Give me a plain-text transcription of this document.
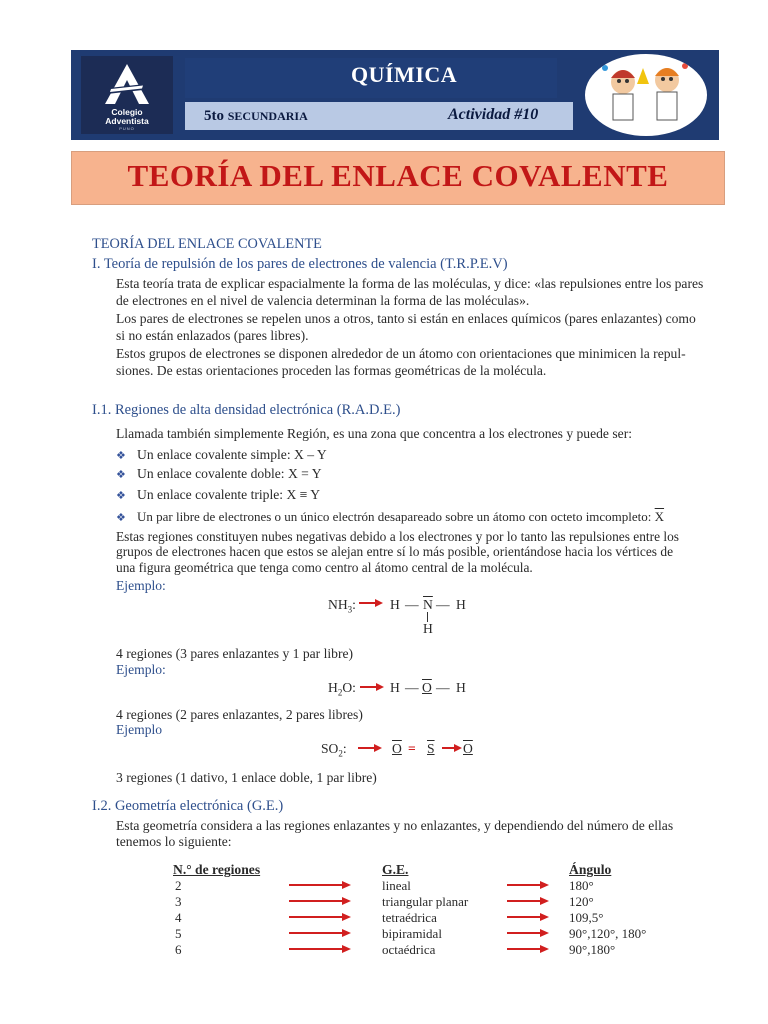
Colegio
Adventista
PUNO
QUÍMICA
5to SECUNDARIA	Actividad #10
TEORÍA DEL ENLACE COVALENTE
TEORÍA DEL ENLACE COVALENTE
I. Teoría de repulsión de los pares de electrones de valencia (T.R.P.E.V)
Esta teoría trata de explicar espacialmente la forma de las moléculas, y dice: «las repulsiones entre los pares
de electrones en el nivel de valencia determinan la forma de las moléculas».
Los pares de electrones se repelen unos a otros, tanto si están en enlaces químicos (pares enlazantes) como
si no están enlazados (pares libres).
Estos grupos de electrones se disponen alrededor de un átomo con orientaciones que minimicen la repul-
siones. De estas orientaciones proceden las formas geométricas de la molécula.
I.1. Regiones de alta densidad electrónica (R.A.D.E.)
Llamada también simplemente Región, es una zona que concentra a los electrones y puede ser:
❖ Un enlace covalente simple: X – Y
❖ Un enlace covalente doble: X = Y
❖ Un enlace covalente triple: X ≡ Y
❖ Un par libre de electrones o un único electrón desapareado sobre un átomo con octeto imcompleto: $\overline{X}$
Estas regiones constituyen nubes negativas debido a los electrones y por lo tanto las repulsiones entre los
grupos de electrones hacen que estos se alejan entre sí lo más posible, orientándose hacia los vértices de
una figura geométrica que tenga como centro al átomo central de la molécula.
Ejemplo:
$NH_3$: → H — $\overline{N}$ — H
H
4 regiones (3 pares enlazantes y 1 par libre)
Ejemplo:
$H_2O$: → H — O — H
4 regiones (2 pares enlazantes, 2 pares libres)
Ejemplo
$SO_2$: → O = S O
3 regiones (1 dativo, 1 enlace doble, 1 par libre)
I.2. Geometría electrónica (G.E.)
Esta geometría considera a las regiones enlazantes y no enlazantes, y dependiendo del número de ellas
tenemos lo siguiente:
N.° de regiones	G.E.	Ángulo
2	lineal	180°
3	triangular planar	120°
4	tetraédrica	109,5°
5	bipiramidal	90°,120°, 180°
6	octaédrica	90°,180°
